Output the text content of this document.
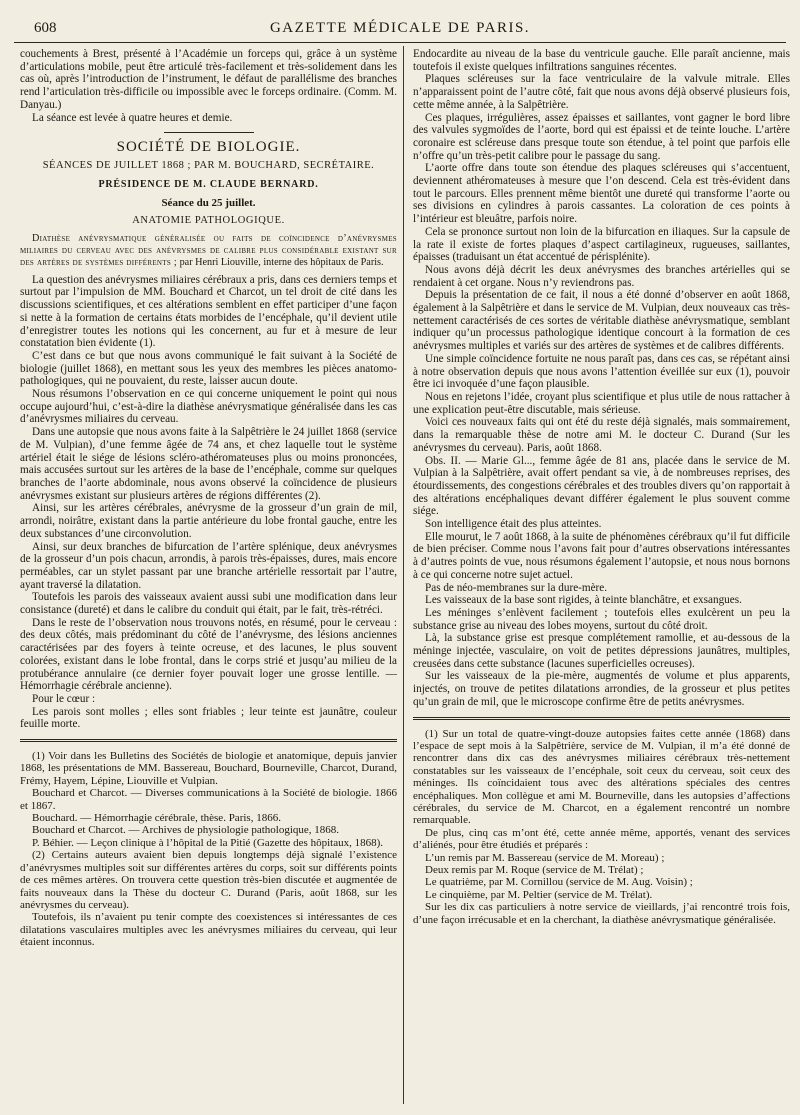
608	GAZETTE MÉDICALE DE PARIS.

couchements à Brest, présenté à l’Académie un forceps qui, grâce à un système d’articulations mobile, peut être articulé très-facilement et très-solidement dans les cas où, après l’introduction de l’instrument, le défaut de parallélisme des branches rend l’articulation très-difficile ou impossible avec le forceps ordinaire. (Comm. M. Danyau.)

La séance est levée à quatre heures et demie.

SOCIÉTÉ DE BIOLOGIE.
SÉANCES DE JUILLET 1868 ; PAR M. BOUCHARD, SECRÉTAIRE.
PRÉSIDENCE DE M. CLAUDE BERNARD.
Séance du 25 juillet.
ANATOMIE PATHOLOGIQUE.
Diathèse anévrysmatique généralisée ou faits de coïncidence d’anévrysmes miliaires du cerveau avec des anévrysmes de calibre plus considérable existant sur des artères de systèmes différents ; par Henri Liouville, interne des hôpitaux de Paris.

La question des anévrysmes miliaires cérébraux a pris, dans ces derniers temps et surtout par l’impulsion de MM. Bouchard et Charcot, un tel droit de cité dans les discussions scientifiques, et ces altérations semblent en effet participer d’une façon si nette à la formation de certains états morbides de l’encéphale, qu’il devient utile d’enregistrer toutes les notions qui les concernent, au fur et à mesure de leur constatation bien évidente (1).

C’est dans ce but que nous avons communiqué le fait suivant à la Société de biologie (juillet 1868), en mettant sous les yeux des membres les pièces anatomo-pathologiques, qui ne pouvaient, du reste, laisser aucun doute.

Nous résumons l’observation en ce qui concerne uniquement le point qui nous occupe aujourd’hui, c’est-à-dire la diathèse anévrysmatique généralisée dans les cas d’anévrysmes miliaires du cerveau.

Dans une autopsie que nous avons faite à la Salpêtrière le 24 juillet 1868 (service de M. Vulpian), d’une femme âgée de 74 ans, et chez laquelle tout le système artériel était le siége de lésions scléro-athéromateuses plus ou moins prononcées, mais accusées surtout sur les artères de la base de l’encéphale, comme sur quelques branches de l’aorte abdominale, nous avons observé la coïncidence de plusieurs anévrysmes existant sur plusieurs artères de régions différentes (2).

Ainsi, sur les artères cérébrales, anévrysme de la grosseur d’un grain de mil, arrondi, noirâtre, existant dans la partie antérieure du lobe frontal gauche, entre les deux substances d’une circonvolution.

Ainsi, sur deux branches de bifurcation de l’artère splénique, deux anévrysmes de la grosseur d’un pois chacun, arrondis, à parois très-épaisses, dures, mais encore perméables, car un stylet passant par une branche artérielle ressortait par l’autre, ayant traversé la dilatation.

Toutefois les parois des vaisseaux avaient aussi subi une modification dans leur consistance (dureté) et dans le calibre du conduit qui était, par le fait, très-rétréci.

Dans le reste de l’observation nous trouvons notés, en résumé, pour le cerveau : des deux côtés, mais prédominant du côté de l’anévrysme, des lésions anciennes caractérisées par des foyers à teinte ocreuse, et des lacunes, le plus souvent colorées, existant dans le lobe frontal, dans le corps strié et jusqu’au milieu de la protubérance annulaire (ce dernier foyer pouvait loger une grosse lentille. — Hémorrhagie cérébrale ancienne).

Pour le cœur :

Les parois sont molles ; elles sont friables ; leur teinte est jaunâtre, couleur feuille morte.

(1) Voir dans les Bulletins des Sociétés de biologie et anatomique, depuis janvier 1868, les présentations de MM. Bassereau, Bouchard, Bourneville, Charcot, Durand, Frémy, Hayem, Lépine, Liouville et Vulpian.

Bouchard et Charcot. — Diverses communications à la Société de biologie. 1866 et 1867.

Bouchard. — Hémorrhagie cérébrale, thèse. Paris, 1866.

Bouchard et Charcot. — Archives de physiologie pathologique, 1868.

P. Béhier. — Leçon clinique à l’hôpital de la Pitié (Gazette des hôpitaux, 1868).

(2) Certains auteurs avaient bien depuis longtemps déjà signalé l’existence d’anévrysmes multiples soit sur différentes artères du corps, soit sur différents points de ces mêmes artères. On trouvera cette question très-bien discutée et augmentée de faits nouveaux dans la Thèse du docteur C. Durand (Paris, août 1868, sur les anévrysmes du cerveau).

Toutefois, ils n’avaient pu tenir compte des coexistences si intéressantes de ces dilatations vasculaires multiples avec les anévrysmes miliaires du cerveau, qui leur étaient inconnus.

Endocardite au niveau de la base du ventricule gauche. Elle paraît ancienne, mais toutefois il existe quelques infiltrations sanguines récentes.

Plaques scléreuses sur la face ventriculaire de la valvule mitrale. Elles n’apparaissent point de l’autre côté, fait que nous avons déjà observé plusieurs fois, cette même année, à la Salpêtrière.

Ces plaques, irrégulières, assez épaisses et saillantes, vont gagner le bord libre des valvules sygmoïdes de l’aorte, bord qui est épaissi et de teinte louche. L’artère coronaire est scléreuse dans presque toute son étendue, à tel point que parfois elle n’offre qu’un très-petit calibre pour le passage du sang.

L’aorte offre dans toute son étendue des plaques scléreuses qui s’accentuent, deviennent athéromateuses à mesure que l’on descend. Cela est très-évident dans tout le parcours. Elles prennent même bientôt une dureté qui transforme l’aorte ou ses divisions en cylindres à parois cassantes. La coloration de ces points à l’intérieur est bleuâtre, parfois noire.

Cela se prononce surtout non loin de la bifurcation en iliaques. Sur la capsule de la rate il existe de fortes plaques d’aspect cartilagineux, rugueuses, saillantes, épaisses (traduisant un état accentué de périsplénite).

Nous avons déjà décrit les deux anévrysmes des branches artérielles qui se rendaient à cet organe. Nous n’y reviendrons pas.

Depuis la présentation de ce fait, il nous a été donné d’observer en août 1868, également à la Salpêtrière et dans le service de M. Vulpian, deux nouveaux cas très-nettement caractérisés de ces sortes de véritable diathèse anévrysmatique, semblant indiquer qu’un processus pathologique identique concourt à la formation de ces anévrysmes multiples et variés sur des artères de systèmes et de calibres différents.

Une simple coïncidence fortuite ne nous paraît pas, dans ces cas, se répétant ainsi à notre observation depuis que nous avons l’attention éveillée sur eux (1), pouvoir être ici invoquée d’une façon plausible.

Nous en rejetons l’idée, croyant plus scientifique et plus utile de nous rattacher à une explication peut-être discutable, mais sérieuse.

Voici ces nouveaux faits qui ont été du reste déjà signalés, mais sommairement, dans la remarquable thèse de notre ami M. le docteur C. Durand (Sur les anévrysmes du cerveau). Paris, août 1868.

Obs. II. — Marie Gl..., femme âgée de 81 ans, placée dans le service de M. Vulpian à la Salpêtrière, avait offert pendant sa vie, à de nombreuses reprises, des étourdissements, des congestions cérébrales et des troubles divers qu’on rapportait à des altérations encéphaliques devant différer également le plus souvent comme siége.

Son intelligence était des plus atteintes.

Elle mourut, le 7 août 1868, à la suite de phénomènes cérébraux qu’il fut difficile de bien préciser. Comme nous l’avons fait pour d’autres observations intéressantes à d’autres points de vue, nous résumons également l’autopsie, et nous nous bornons à ce qui concerne notre sujet actuel.

Pas de néo-membranes sur la dure-mère.

Les vaisseaux de la base sont rigides, à teinte blanchâtre, et exsangues.

Les méninges s’enlèvent facilement ; toutefois elles exulcèrent un peu la substance grise au niveau des lobes moyens, surtout du côté droit.

Là, la substance grise est presque complétement ramollie, et au-dessous de la méninge injectée, vasculaire, on voit de petites dépressions jaunâtres, multiples, creusées dans cette substance (lacunes superficielles ocreuses).

Sur les vaisseaux de la pie-mère, augmentés de volume et plus apparents, injectés, on trouve de petites dilatations arrondies, de la grosseur et plus petites qu’un grain de mil, que le microscope confirme être de petits anévrysmes.

(1) Sur un total de quatre-vingt-douze autopsies faites cette année (1868) dans l’espace de sept mois à la Salpêtrière, service de M. Vulpian, il m’a été donné de rencontrer dans dix cas des anévrysmes miliaires cérébraux très-nettement constatables sur les vaisseaux de l’encéphale, soit ceux du cerveau, soit ceux des méninges. Ils coïncidaient tous avec des altérations spéciales des centres encéphaliques. Mon collègue et ami M. Bourneville, dans les autopsies d’affections cérébrales, du service de M. Charcot, en a également rencontré un nombre remarquable.

De plus, cinq cas m’ont été, cette année même, apportés, venant des services d’aliénés, pour être étudiés et préparés :

L’un remis par M. Bassereau (service de M. Moreau) ;

Deux remis par M. Roque (service de M. Trélat) ;

Le quatrième, par M. Cornillou (service de M. Aug. Voisin) ;

Le cinquième, par M. Peltier (service de M. Trélat).

Sur les dix cas particuliers à notre service de vieillards, j’ai rencontré trois fois, d’une façon irrécusable et en la cherchant, la diathèse anévrysmatique généralisée.
